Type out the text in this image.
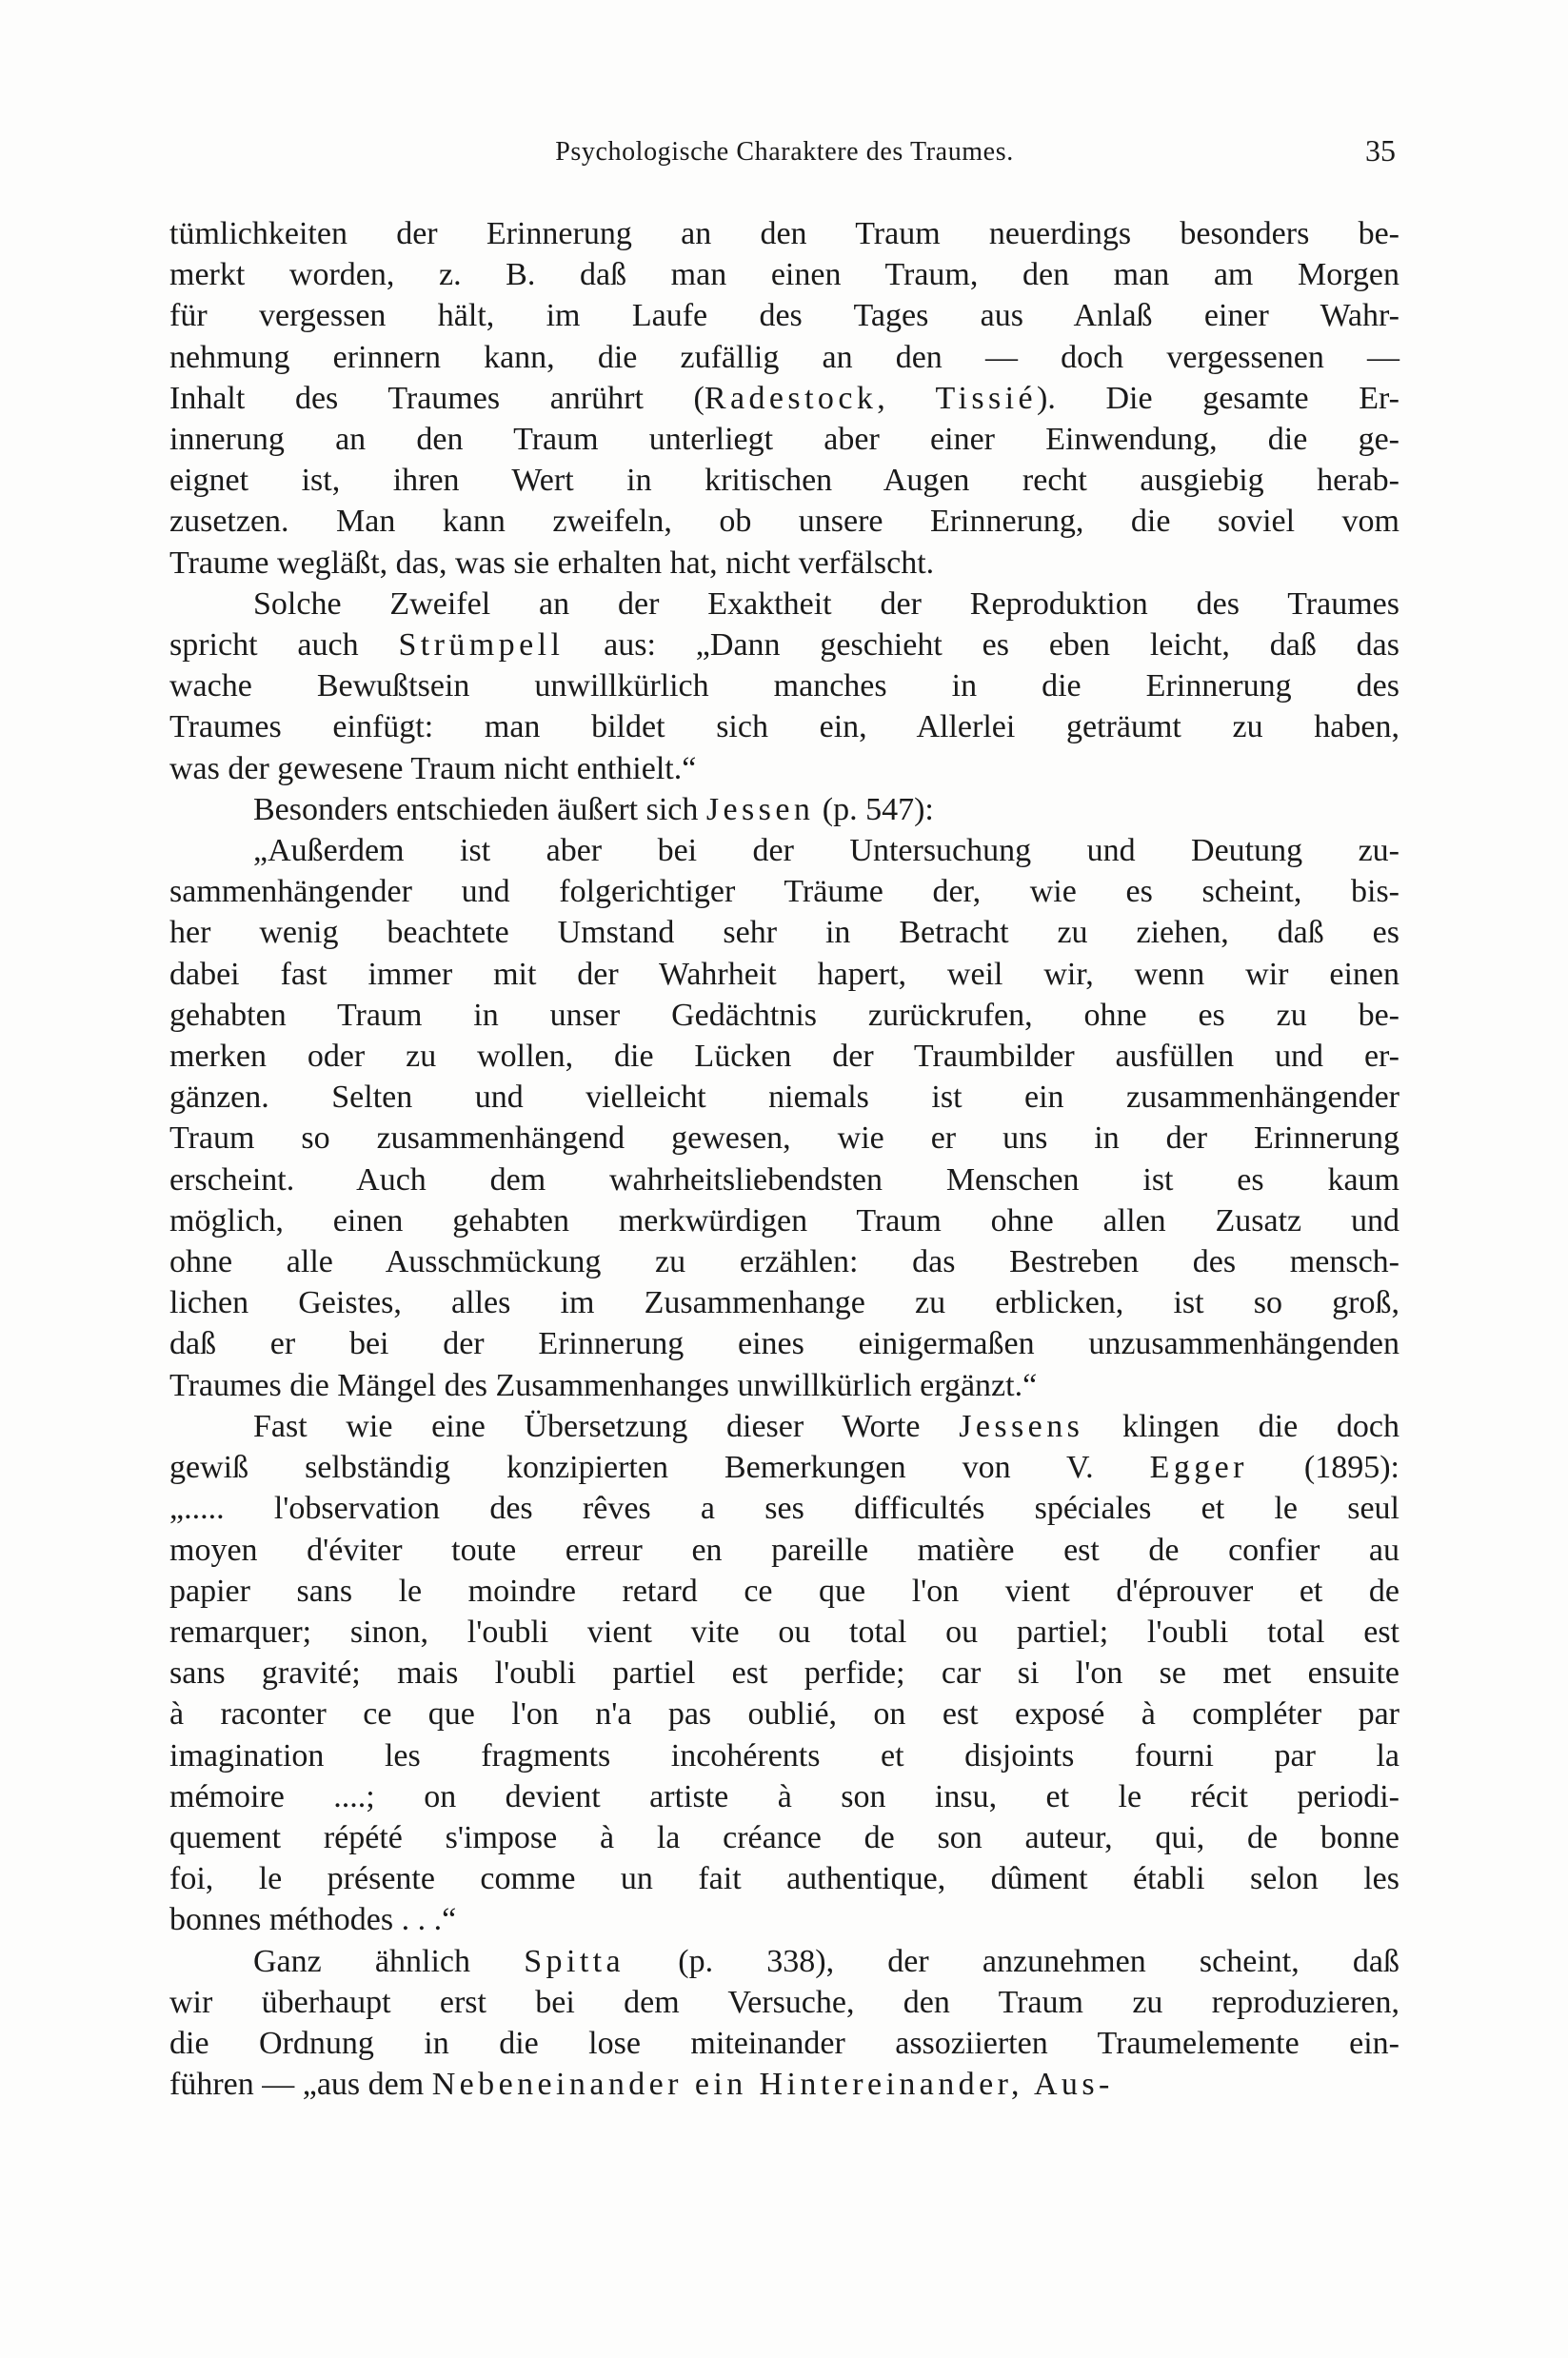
Psychologische Charaktere des Traumes.	35
tümlichkeiten der Erinnerung an den Traum neuerdings besonders be-
merkt worden, z. B. daß man einen Traum, den man am Morgen
für vergessen hält, im Laufe des Tages aus Anlaß einer Wahr-
nehmung erinnern kann, die zufällig an den — doch vergessenen —
Inhalt des Traumes anrührt (Radestock, Tissié). Die gesamte Er-
innerung an den Traum unterliegt aber einer Einwendung, die ge-
eignet ist, ihren Wert in kritischen Augen recht ausgiebig herab-
zusetzen. Man kann zweifeln, ob unsere Erinnerung, die soviel vom
Traume wegläßt, das, was sie erhalten hat, nicht verfälscht.
Solche Zweifel an der Exaktheit der Reproduktion des Traumes
spricht auch Strümpell aus: „Dann geschieht es eben leicht, daß das
wache Bewußtsein unwillkürlich manches in die Erinnerung des
Traumes einfügt: man bildet sich ein, Allerlei geträumt zu haben,
was der gewesene Traum nicht enthielt.“
Besonders entschieden äußert sich Jessen (p. 547):
„Außerdem ist aber bei der Untersuchung und Deutung zu-
sammenhängender und folgerichtiger Träume der, wie es scheint, bis-
her wenig beachtete Umstand sehr in Betracht zu ziehen, daß es
dabei fast immer mit der Wahrheit hapert, weil wir, wenn wir einen
gehabten Traum in unser Gedächtnis zurückrufen, ohne es zu be-
merken oder zu wollen, die Lücken der Traumbilder ausfüllen und er-
gänzen. Selten und vielleicht niemals ist ein zusammenhängender
Traum so zusammenhängend gewesen, wie er uns in der Erinnerung
erscheint. Auch dem wahrheitsliebendsten Menschen ist es kaum
möglich, einen gehabten merkwürdigen Traum ohne allen Zusatz und
ohne alle Ausschmückung zu erzählen: das Bestreben des mensch-
lichen Geistes, alles im Zusammenhange zu erblicken, ist so groß,
daß er bei der Erinnerung eines einigermaßen unzusammenhängenden
Traumes die Mängel des Zusammenhanges unwillkürlich ergänzt.“
Fast wie eine Übersetzung dieser Worte Jessens klingen die doch
gewiß selbständig konzipierten Bemerkungen von V. Egger (1895):
„..... l'observation des rêves a ses difficultés spéciales et le seul
moyen d'éviter toute erreur en pareille matière est de confier au
papier sans le moindre retard ce que l'on vient d'éprouver et de
remarquer; sinon, l'oubli vient vite ou total ou partiel; l'oubli total est
sans gravité; mais l'oubli partiel est perfide; car si l'on se met ensuite
à raconter ce que l'on n'a pas oublié, on est exposé à compléter par
imagination les fragments incohérents et disjoints fourni par la
mémoire ....; on devient artiste à son insu, et le récit periodi-
quement répété s'impose à la créance de son auteur, qui, de bonne
foi, le présente comme un fait authentique, dûment établi selon les
bonnes méthodes . . .“
Ganz ähnlich Spitta (p. 338), der anzunehmen scheint, daß
wir überhaupt erst bei dem Versuche, den Traum zu reproduzieren,
die Ordnung in die lose miteinander assoziierten Traumelemente ein-
führen — „aus dem Nebeneinander ein Hintereinander, Aus-
